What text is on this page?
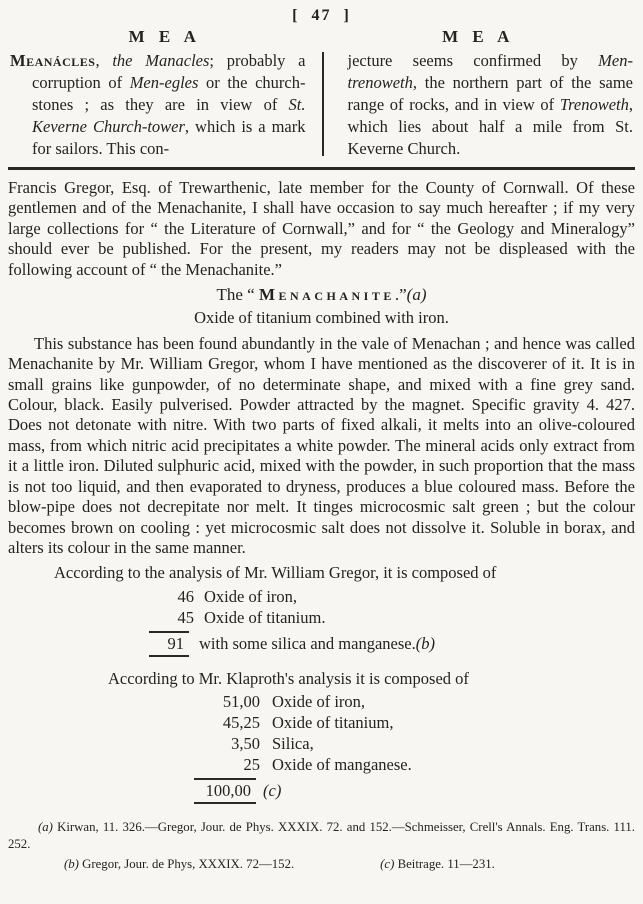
[  47  ]
M E A	M E A
Meanácles, the Manacles; probably a corruption of Men-egles or the church-stones ; as they are in view of St. Keverne Church-tower, which is a mark for sailors. This con-
jecture seems confirmed by Men-trenoweth, the northern part of the same range of rocks, and in view of Trenoweth, which lies about half a mile from St. Keverne Church.

Francis Gregor, Esq. of Trewarthenic, late member for the County of Cornwall. Of these gentlemen and of the Menachanite, I shall have occasion to say much hereafter ; if my very large collections for “ the Literature of Cornwall,” and for “ the Geology and Mineralogy” should ever be published. For the present, my readers may not be displeased with the following account of “ the Menachanite.”

The “ Menachanite.”(a)
Oxide of titanium combined with iron.

This substance has been found abundantly in the vale of Menachan ; and hence was called Menachanite by Mr. William Gregor, whom I have mentioned as the discoverer of it. It is in small grains like gunpowder, of no determinate shape, and mixed with a fine grey sand. Colour, black. Easily pulverised. Powder attracted by the magnet. Specific gravity 4. 427. Does not detonate with nitre. With two parts of fixed alkali, it melts into an olive-coloured mass, from which nitric acid precipitates a white powder. The mineral acids only extract from it a little iron. Diluted sulphuric acid, mixed with the powder, in such proportion that the mass is not too liquid, and then evaporated to dryness, produces a blue coloured mass. Before the blow-pipe does not decrepitate nor melt. It tinges microcosmic salt green ; but the colour becomes brown on cooling : yet microcosmic salt does not dissolve it. Soluble in borax, and alters its colour in the same manner.

According to the analysis of Mr. William Gregor, it is composed of
46 Oxide of iron,
45 Oxide of titanium.
91 with some silica and manganese. (b)
According to Mr. Klaproth's analysis it is composed of
51,00 Oxide of iron,
45,25 Oxide of titanium,
3,50 Silica,
25 Oxide of manganese.
100,00 (c)

(a) Kirwan, 11. 326.—Gregor, Jour. de Phys. XXXIX. 72. and 152.—Schmeisser, Crell's Annals. Eng. Trans. 111. 252.

(b) Gregor, Jour. de Phys, XXXIX. 72—152.	(c) Beitrage. 11—231.
